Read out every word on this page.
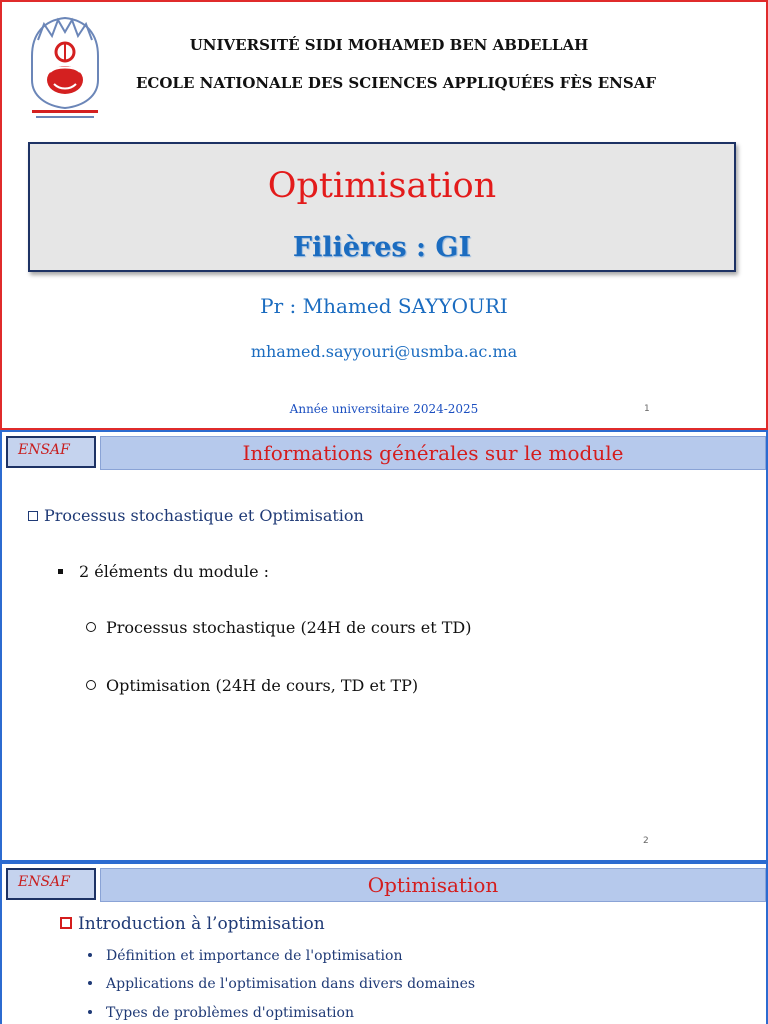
UNIVERSITÉ SIDI MOHAMED BEN ABDELLAH
ECOLE NATIONALE DES SCIENCES APPLIQUÉES FÈS ENSAF
Optimisation
Filières : GI
Pr : Mhamed SAYYOURI
mhamed.sayyouri@usmba.ac.ma
Année universitaire 2024-2025	1
ENSAF	Informations générales sur le module
Processus stochastique et Optimisation
2 éléments du module :
Processus stochastique (24H de cours et TD)
Optimisation (24H de cours, TD et TP)
2
ENSAF	Optimisation
Introduction à l’optimisation
Définition et importance de l'optimisation
Applications de l'optimisation dans divers domaines
Types de problèmes d'optimisation
